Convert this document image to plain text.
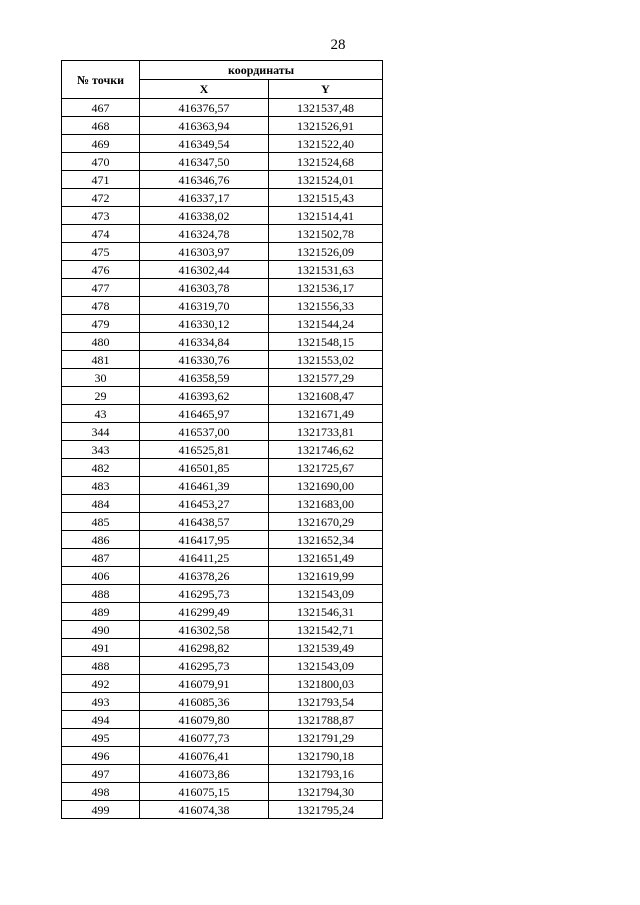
28
№ точки	координаты	
	X	Y
467	416376,57	1321537,48
468	416363,94	1321526,91
469	416349,54	1321522,40
470	416347,50	1321524,68
471	416346,76	1321524,01
472	416337,17	1321515,43
473	416338,02	1321514,41
474	416324,78	1321502,78
475	416303,97	1321526,09
476	416302,44	1321531,63
477	416303,78	1321536,17
478	416319,70	1321556,33
479	416330,12	1321544,24
480	416334,84	1321548,15
481	416330,76	1321553,02
30	416358,59	1321577,29
29	416393,62	1321608,47
43	416465,97	1321671,49
344	416537,00	1321733,81
343	416525,81	1321746,62
482	416501,85	1321725,67
483	416461,39	1321690,00
484	416453,27	1321683,00
485	416438,57	1321670,29
486	416417,95	1321652,34
487	416411,25	1321651,49
406	416378,26	1321619,99
488	416295,73	1321543,09
489	416299,49	1321546,31
490	416302,58	1321542,71
491	416298,82	1321539,49
488	416295,73	1321543,09
492	416079,91	1321800,03
493	416085,36	1321793,54
494	416079,80	1321788,87
495	416077,73	1321791,29
496	416076,41	1321790,18
497	416073,86	1321793,16
498	416075,15	1321794,30
499	416074,38	1321795,24
